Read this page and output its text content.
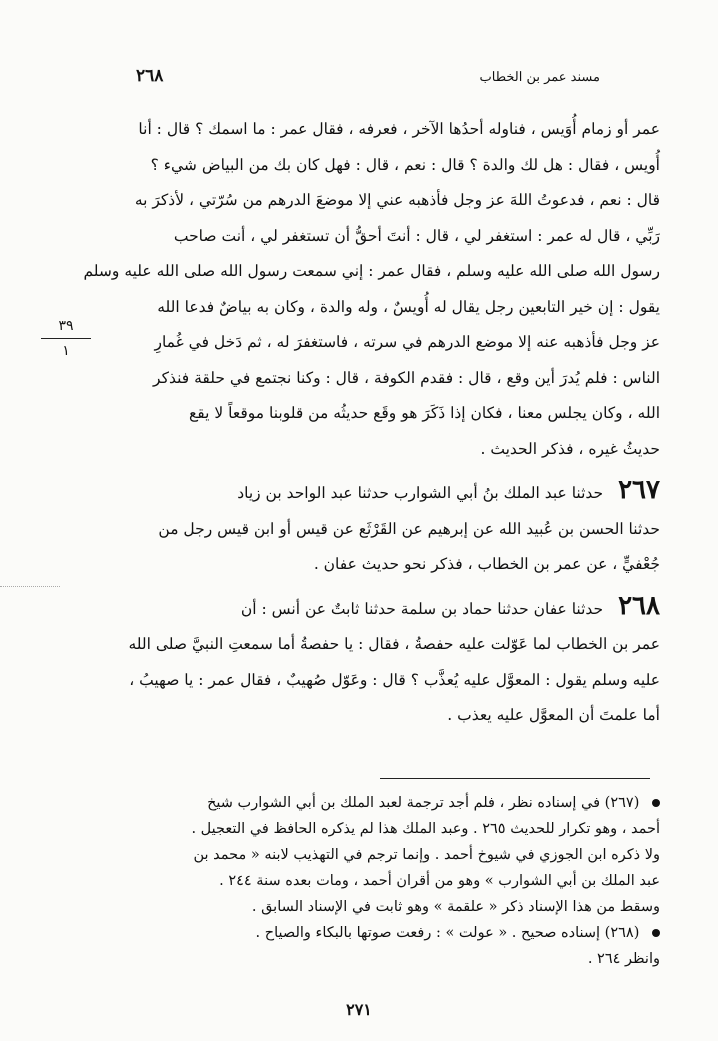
مسند عمر بن الخطاب
٢٦٨
٣٩
١

عمر أو زمام أُوَيس ، فناوله أحدُها الآخر ، فعرفه ، فقال عمر : ما اسمك ؟ قال : أنا

أُويس ، فقال : هل لك والدة ؟ قال : نعم ، قال : فهل كان بك من البياض شيء ؟

قال : نعم ، فدعوتُ اللهَ عز وجل فأذهبه عني إلا موضعَ الدرهم من سُرّتي ، لأذكرَ به

رَبِّي ، قال له عمر : استغفر لي ، قال : أنتَ أحقُّ أن تستغفر لي ، أنت صاحب

رسول الله صلى الله عليه وسلم ، فقال عمر : إني سمعت رسول الله صلى الله عليه وسلم

يقول : إن خير التابعين رجل يقال له أُويسٌ ، وله والدة ، وكان به بياضٌ فدعا الله

عز وجل فأذهبه عنه إلا موضع الدرهم في سرته ، فاستغفرَ له ، ثم دَخل في غُمارِ

الناس : فلم يُدرَ أين وقع ، قال : فقدم الكوفة ، قال : وكنا نجتمع في حلقة فنذكر

الله ، وكان يجلس معنا ، فكان إذا ذَكَرَ هو وقَع حديثُه من قلوبنا موقعاً لا يقع

حديثُ غيره ، فذكر الحديث .

٢٦٧ حدثنا عبد الملك بنُ أبي الشوارب حدثنا عبد الواحد بن زياد

حدثنا الحسن بن عُبيد الله عن إبرهيم عن القَرْثَع عن قيس أو ابن قيس رجل من

جُعْفيٍّ ، عن عمر بن الخطاب ، فذكر نحو حديث عفان .

٢٦٨ حدثنا عفان حدثنا حماد بن سلمة حدثنا ثابتٌ عن أنس : أن

عمر بن الخطاب لما عَوّلت عليه حفصةُ ، فقال : يا حفصةُ أما سمعتِ النبيَّ صلى الله

عليه وسلم يقول : المعوَّل عليه يُعذَّب ؟ قال : وعَوّل صُهيبٌ ، فقال عمر : يا صهيبُ ،

أما علمتَ أن المعوَّل عليه يعذب .

(٢٦٧) في إسناده نظر ، فلم أجد ترجمة لعبد الملك بن أبي الشوارب شيخ

أحمد ، وهو تكرار للحديث ٢٦٥ . وعبد الملك هذا لم يذكره الحافظ في التعجيل .

ولا ذكره ابن الجوزي في شيوخ أحمد . وإنما ترجم في التهذيب لابنه « محمد بن

عبد الملك بن أبي الشوارب » وهو من أقران أحمد ، ومات بعده سنة ٢٤٤ .

وسقط من هذا الإسناد ذكر « علقمة » وهو ثابت في الإسناد السابق .

(٢٦٨) إسناده صحيح . « عولت » : رفعت صوتها بالبكاء والصياح .

وانظر ٢٦٤ .

٢٧١
